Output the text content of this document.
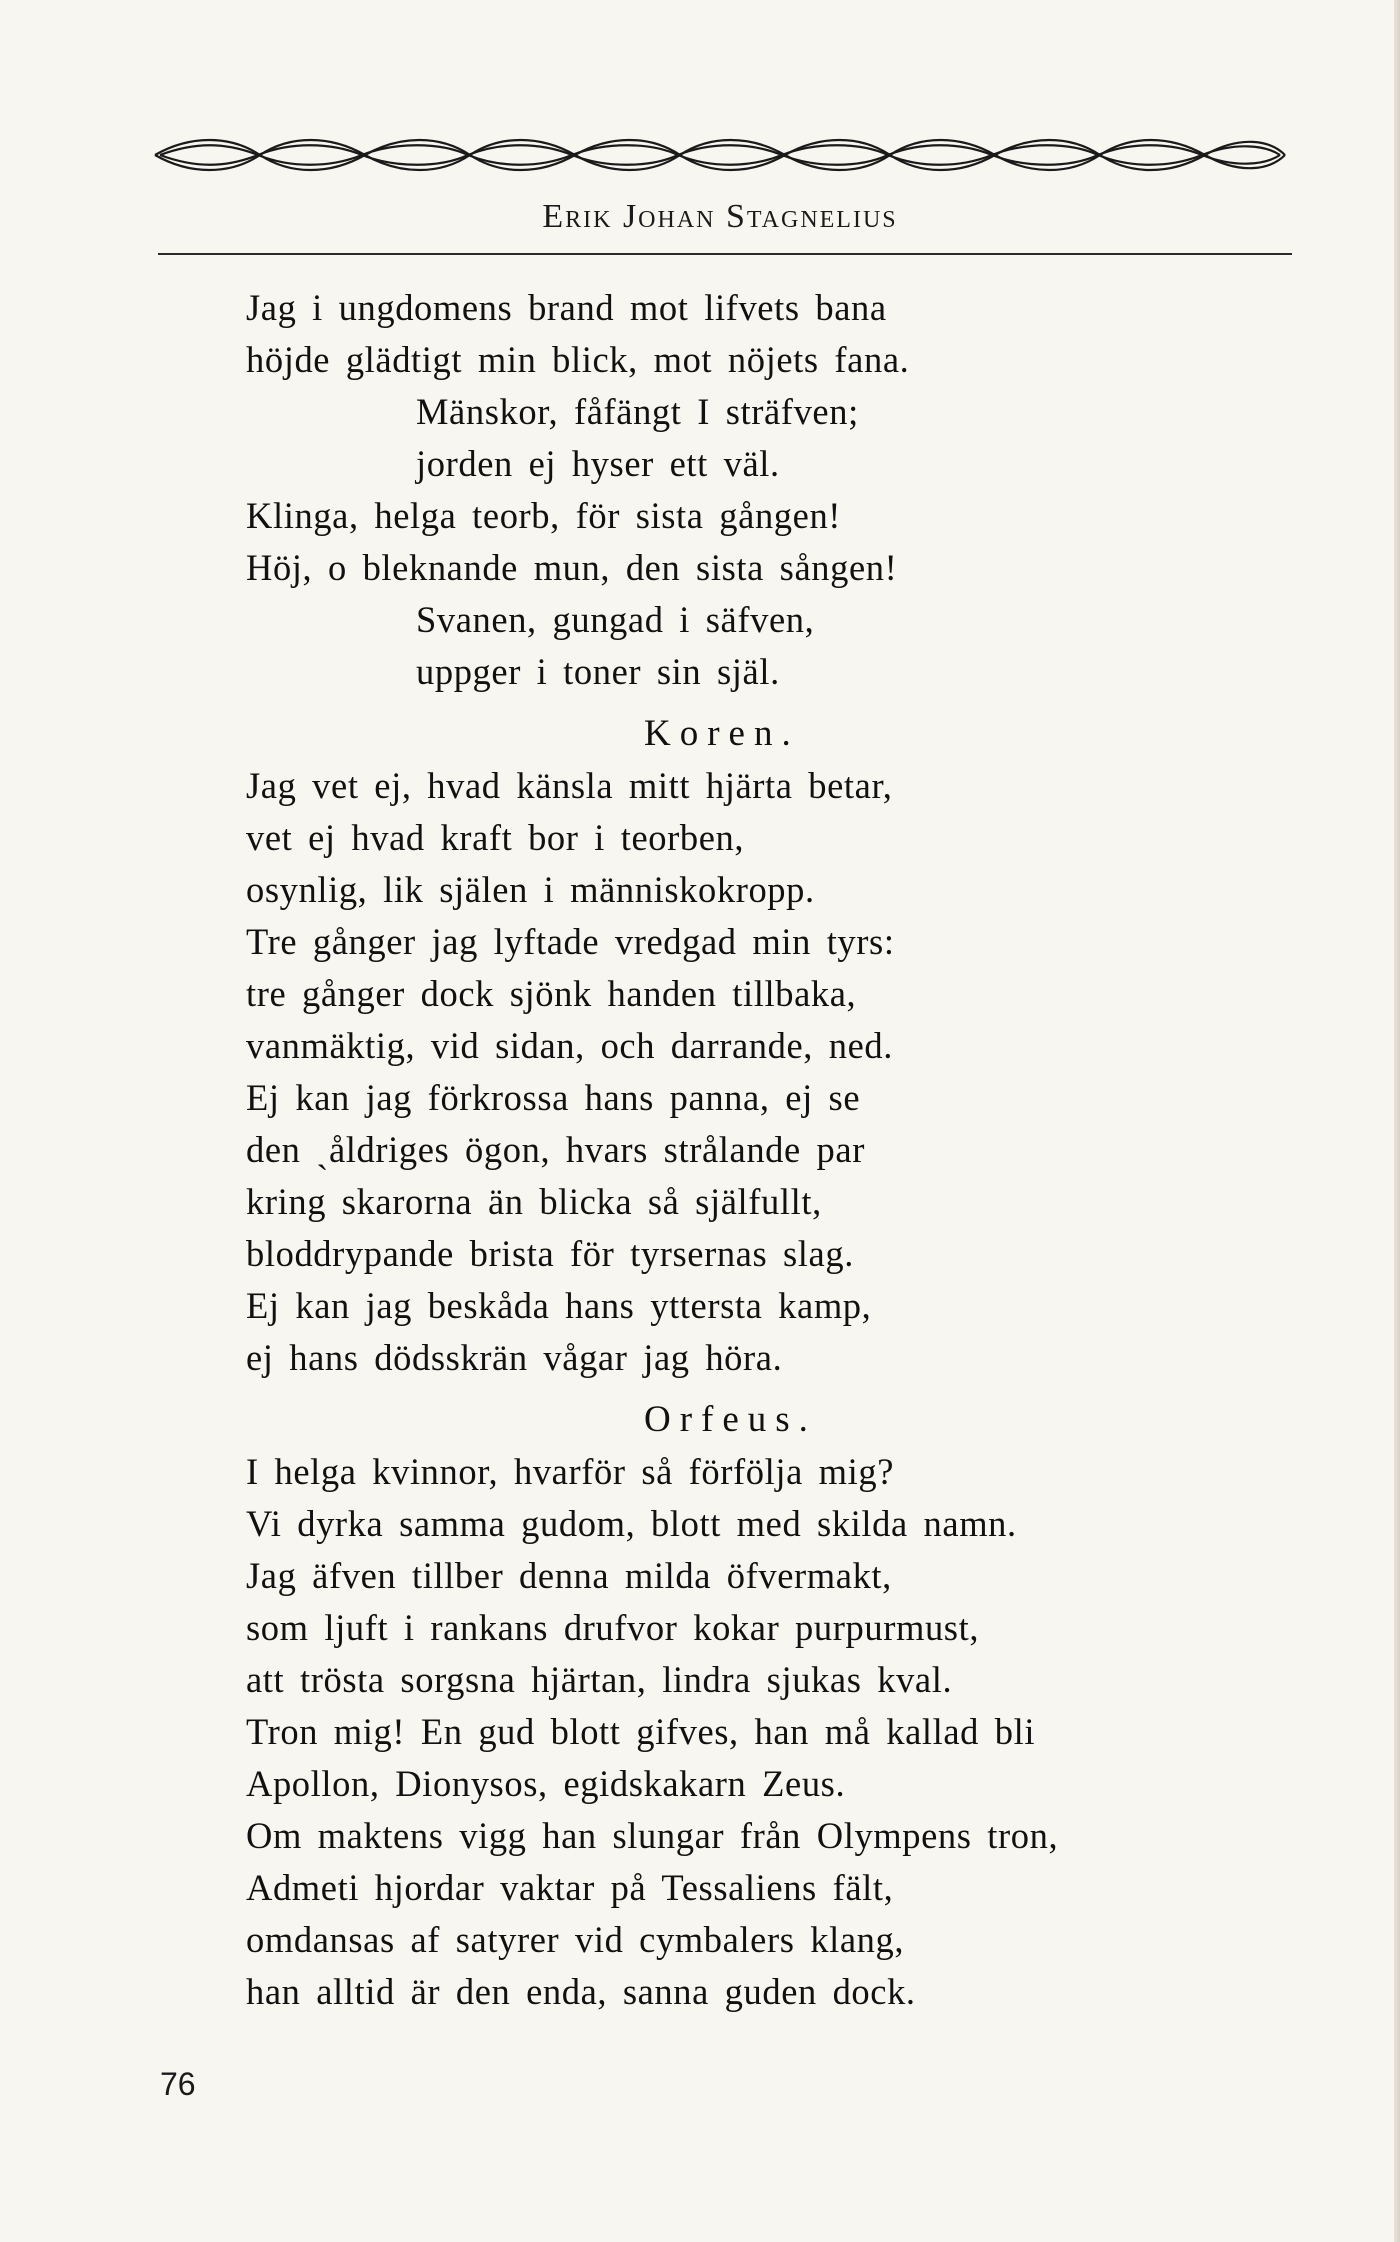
Erik Johan Stagnelius
Jag i ungdomens brand mot lifvets bana
höjde glädtigt min blick, mot nöjets fana.
Mänskor, fåfängt I sträfven;
jorden ej hyser ett väl.
Klinga, helga teorb, för sista gången!
Höj, o bleknande mun, den sista sången!
Svanen, gungad i säfven,
uppger i toner sin själ.
Koren.
Jag vet ej, hvad känsla mitt hjärta betar,
vet ej hvad kraft bor i teorben,
osynlig, lik själen i människokropp.
Tre gånger jag lyftade vredgad min tyrs:
tre gånger dock sjönk handen tillbaka,
vanmäktig, vid sidan, och darrande, ned.
Ej kan jag förkrossa hans panna, ej se
den ˎåldriges ögon, hvars strålande par
kring skarorna än blicka så själfullt,
bloddrypande brista för tyrsernas slag.
Ej kan jag beskåda hans yttersta kamp,
ej hans dödsskrän vågar jag höra.
Orfeus.
I helga kvinnor, hvarför så förfölja mig?
Vi dyrka samma gudom, blott med skilda namn.
Jag äfven tillber denna milda öfvermakt,
som ljuft i rankans drufvor kokar purpurmust,
att trösta sorgsna hjärtan, lindra sjukas kval.
Tron mig! En gud blott gifves, han må kallad bli
Apollon, Dionysos, egidskakarn Zeus.
Om maktens vigg han slungar från Olympens tron,
Admeti hjordar vaktar på Tessaliens fält,
omdansas af satyrer vid cymbalers klang,
han alltid är den enda, sanna guden dock.
76
